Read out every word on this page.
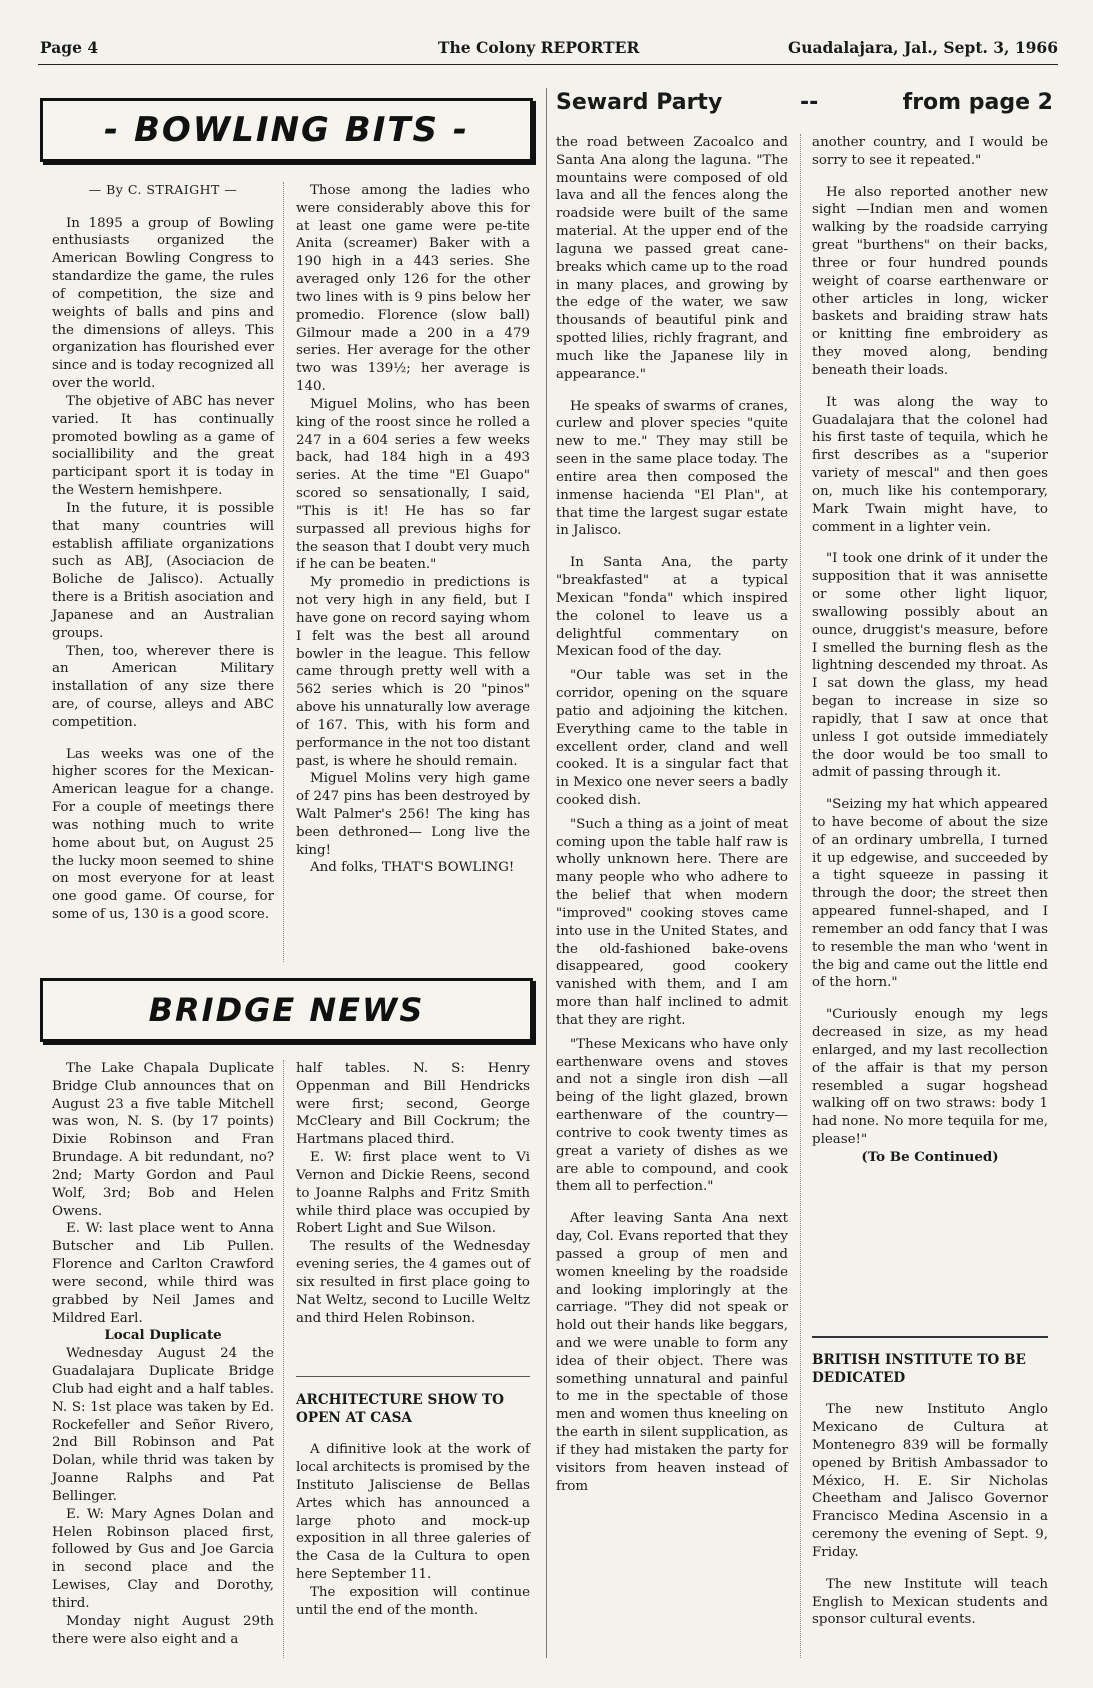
Page 4	The Colony REPORTER	Guadalajara, Jal., Sept. 3, 1966
- BOWLING BITS -

— By C. STRAIGHT —

In 1895 a group of Bowling enthusiasts organized the American Bowling Congress to standardize the game, the rules of competition, the size and weights of balls and pins and the dimensions of alleys. This organization has flourished ever since and is today recognized all over the world.

The objetive of ABC has never varied. It has continually promoted bowling as a game of sociallibility and the great participant sport it is today in the Western hemishpere.

In the future, it is possible that many countries will establish affiliate organizations such as ABJ, (Asociacion de Boliche de Jalisco). Actually there is a British asociation and Japanese and an Australian groups.

Then, too, wherever there is an American Military installation of any size there are, of course, alleys and ABC competition.

Las weeks was one of the higher scores for the Mexican-American league for a change. For a couple of meetings there was nothing much to write home about but, on August 25 the lucky moon seemed to shine on most everyone for at least one good game. Of course, for some of us, 130 is a good score.

Those among the ladies who were considerably above this for at least one game were pe-tite Anita (screamer) Baker with a 190 high in a 443 series. She averaged only 126 for the other two lines with is 9 pins below her promedio. Florence (slow ball) Gilmour made a 200 in a 479 series. Her average for the other two was 139½; her average is 140.

Miguel Molins, who has been king of the roost since he rolled a 247 in a 604 series a few weeks back, had 184 high in a 493 series. At the time "El Guapo" scored so sensationally, I said, "This is it! He has so far surpassed all previous highs for the season that I doubt very much if he can be beaten."

My promedio in predictions is not very high in any field, but I have gone on record saying whom I felt was the best all around bowler in the league. This fellow came through pretty well with a 562 series which is 20 "pinos" above his unnaturally low average of 167. This, with his form and performance in the not too distant past, is where he should remain.

Miguel Molins very high game of 247 pins has been destroyed by Walt Palmer's 256! The king has been dethroned— Long live the king!

And folks, THAT'S BOWLING!

BRIDGE NEWS

The Lake Chapala Duplicate Bridge Club announces that on August 23 a five table Mitchell was won, N. S. (by 17 points) Dixie Robinson and Fran Brundage. A bit redundant, no? 2nd; Marty Gordon and Paul Wolf, 3rd; Bob and Helen Owens.

E. W: last place went to Anna Butscher and Lib Pullen. Florence and Carlton Crawford were second, while third was grabbed by Neil James and Mildred Earl.

Local Duplicate

Wednesday August 24 the Guadalajara Duplicate Bridge Club had eight and a half tables. N. S: 1st place was taken by Ed. Rockefeller and Señor Rivero, 2nd Bill Robinson and Pat Dolan, while thrid was taken by Joanne Ralphs and Pat Bellinger.

E. W: Mary Agnes Dolan and Helen Robinson placed first, followed by Gus and Joe Garcia in second place and the Lewises, Clay and Dorothy, third.

Monday night August 29th there were also eight and a

half tables. N. S: Henry Oppenman and Bill Hendricks were first; second, George McCleary and Bill Cockrum; the Hartmans placed third.

E. W: first place went to Vi Vernon and Dickie Reens, second to Joanne Ralphs and Fritz Smith while third place was occupied by Robert Light and Sue Wilson.

The results of the Wednesday evening series, the 4 games out of six resulted in first place going to Nat Weltz, second to Lucille Weltz and third Helen Robinson.

ARCHITECTURE SHOW TO OPEN AT CASA

A difinitive look at the work of local architects is promised by the Instituto Jalisciense de Bellas Artes which has announced a large photo and mock-up exposition in all three galeries of the Casa de la Cultura to open here September 11.

The exposition will continue until the end of the month.

Seward Party	--	from page 2

the road between Zacoalco and Santa Ana along the laguna. "The mountains were composed of old lava and all the fences along the roadside were built of the same material. At the upper end of the laguna we passed great cane-breaks which came up to the road in many places, and growing by the edge of the water, we saw thousands of beautiful pink and spotted lilies, richly fragrant, and much like the Japanese lily in appearance."

He speaks of swarms of cranes, curlew and plover species "quite new to me." They may still be seen in the same place today. The entire area then composed the inmense hacienda "El Plan", at that time the largest sugar estate in Jalisco.

In Santa Ana, the party "breakfasted" at a typical Mexican "fonda" which inspired the colonel to leave us a delightful commentary on Mexican food of the day.

"Our table was set in the corridor, opening on the square patio and adjoining the kitchen. Everything came to the table in excellent order, cland and well cooked. It is a singular fact that in Mexico one never seers a badly cooked dish.

"Such a thing as a joint of meat coming upon the table half raw is wholly unknown here. There are many people who who adhere to the belief that when modern "improved" cooking stoves came into use in the United States, and the old-fashioned bake-ovens disappeared, good cookery vanished with them, and I am more than half inclined to admit that they are right.

"These Mexicans who have only earthenware ovens and stoves and not a single iron dish —all being of the light glazed, brown earthenware of the country— contrive to cook twenty times as great a variety of dishes as we are able to compound, and cook them all to perfection."

After leaving Santa Ana next day, Col. Evans reported that they passed a group of men and women kneeling by the roadside and looking imploringly at the carriage. "They did not speak or hold out their hands like beggars, and we were unable to form any idea of their object. There was something unnatural and painful to me in the spectable of those men and women thus kneeling on the earth in silent supplication, as if they had mistaken the party for visitors from heaven instead of from

another country, and I would be sorry to see it repeated."

He also reported another new sight —Indian men and women walking by the roadside carrying great "burthens" on their backs, three or four hundred pounds weight of coarse earthenware or other articles in long, wicker baskets and braiding straw hats or knitting fine embroidery as they moved along, bending beneath their loads.

It was along the way to Guadalajara that the colonel had his first taste of tequila, which he first describes as a "superior variety of mescal" and then goes on, much like his contemporary, Mark Twain might have, to comment in a lighter vein.

"I took one drink of it under the supposition that it was annisette or some other light liquor, swallowing possibly about an ounce, druggist's measure, before I smelled the burning flesh as the lightning descended my throat. As I sat down the glass, my head began to increase in size so rapidly, that I saw at once that unless I got outside immediately the door would be too small to admit of passing through it.

"Seizing my hat which appeared to have become of about the size of an ordinary umbrella, I turned it up edgewise, and succeeded by a tight squeeze in passing it through the door; the street then appeared funnel-shaped, and I remember an odd fancy that I was to resemble the man who 'went in the big and came out the little end of the horn."

"Curiously enough my legs decreased in size, as my head enlarged, and my last recollection of the affair is that my person resembled a sugar hogshead walking off on two straws: body 1 had none. No more tequila for me, please!"

(To Be Continued)

BRITISH INSTITUTE TO BE DEDICATED

The new Instituto Anglo Mexicano de Cultura at Montenegro 839 will be formally opened by British Ambassador to México, H. E. Sir Nicholas Cheetham and Jalisco Governor Francisco Medina Ascensio in a ceremony the evening of Sept. 9, Friday.

The new Institute will teach English to Mexican students and sponsor cultural events.
